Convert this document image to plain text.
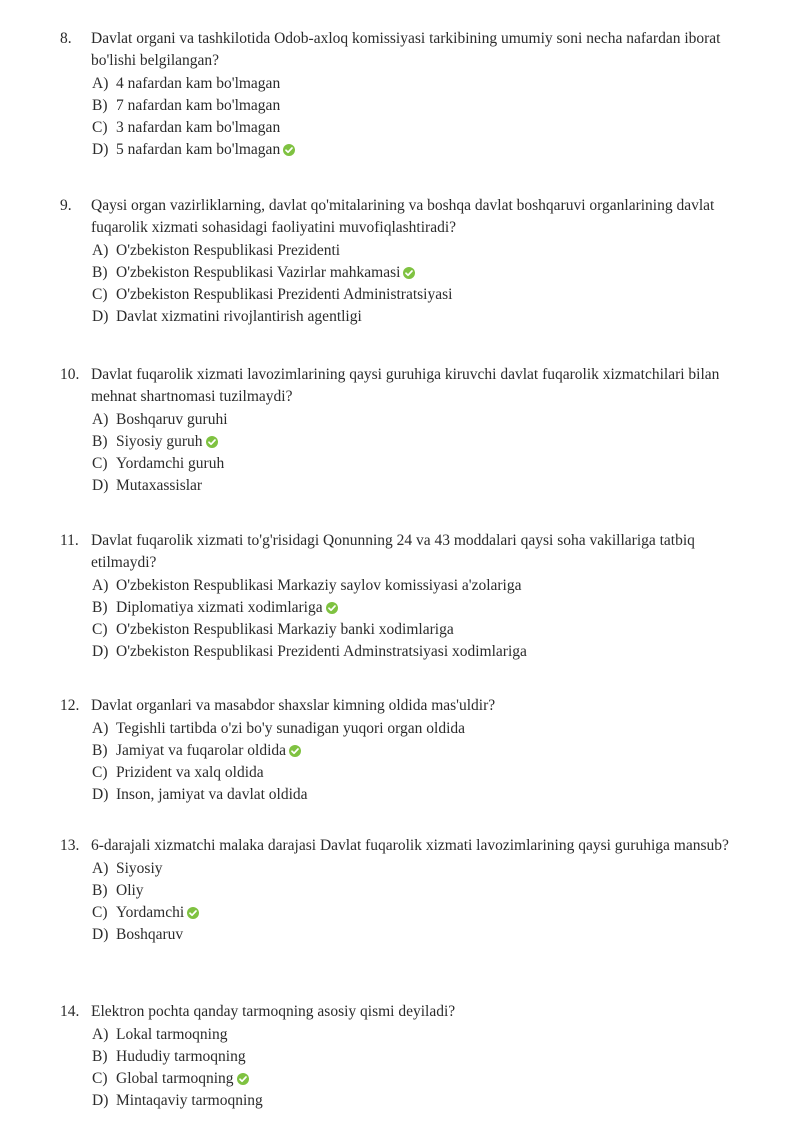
8. Davlat organi va tashkilotida Odob-axloq komissiyasi tarkibining umumiy soni necha nafardan iborat bo'lishi belgilangan?

A) 4 nafardan kam bo'lmagan
B) 7 nafardan kam bo'lmagan
C) 3 nafardan kam bo'lmagan
D) 5 nafardan kam bo'lmagan

9. Qaysi organ vazirliklarning, davlat qo'mitalarining va boshqa davlat boshqaruvi organlarining davlat fuqarolik xizmati sohasidagi faoliyatini muvofiqlashtiradi?

A) O'zbekiston Respublikasi Prezidenti
B) O'zbekiston Respublikasi Vazirlar mahkamasi
C) O'zbekiston Respublikasi Prezidenti Administratsiyasi
D) Davlat xizmatini rivojlantirish agentligi

10. Davlat fuqarolik xizmati lavozimlarining qaysi guruhiga kiruvchi davlat fuqarolik xizmatchilari bilan mehnat shartnomasi tuzilmaydi?

A) Boshqaruv guruhi
B) Siyosiy guruh
C) Yordamchi guruh
D) Mutaxassislar

11. Davlat fuqarolik xizmati to'g'risidagi Qonunning 24 va 43 moddalari qaysi soha vakillariga tatbiq etilmaydi?

A) O'zbekiston Respublikasi Markaziy saylov komissiyasi a'zolariga
B) Diplomatiya xizmati xodimlariga
C) O'zbekiston Respublikasi Markaziy banki xodimlariga
D) O'zbekiston Respublikasi Prezidenti Adminstratsiyasi xodimlariga

12. Davlat organlari va masabdor shaxslar kimning oldida mas'uldir?

A) Tegishli tartibda o'zi bo'y sunadigan yuqori organ oldida
B) Jamiyat va fuqarolar oldida
C) Prizident va xalq oldida
D) Inson, jamiyat va davlat oldida

13. 6-darajali xizmatchi malaka darajasi Davlat fuqarolik xizmati lavozimlarining qaysi guruhiga mansub?

A) Siyosiy
B) Oliy
C) Yordamchi
D) Boshqaruv

14. Elektron pochta qanday tarmoqning asosiy qismi deyiladi?

A) Lokal tarmoqning
B) Hududiy tarmoqning
C) Global tarmoqning
D) Mintaqaviy tarmoqning
